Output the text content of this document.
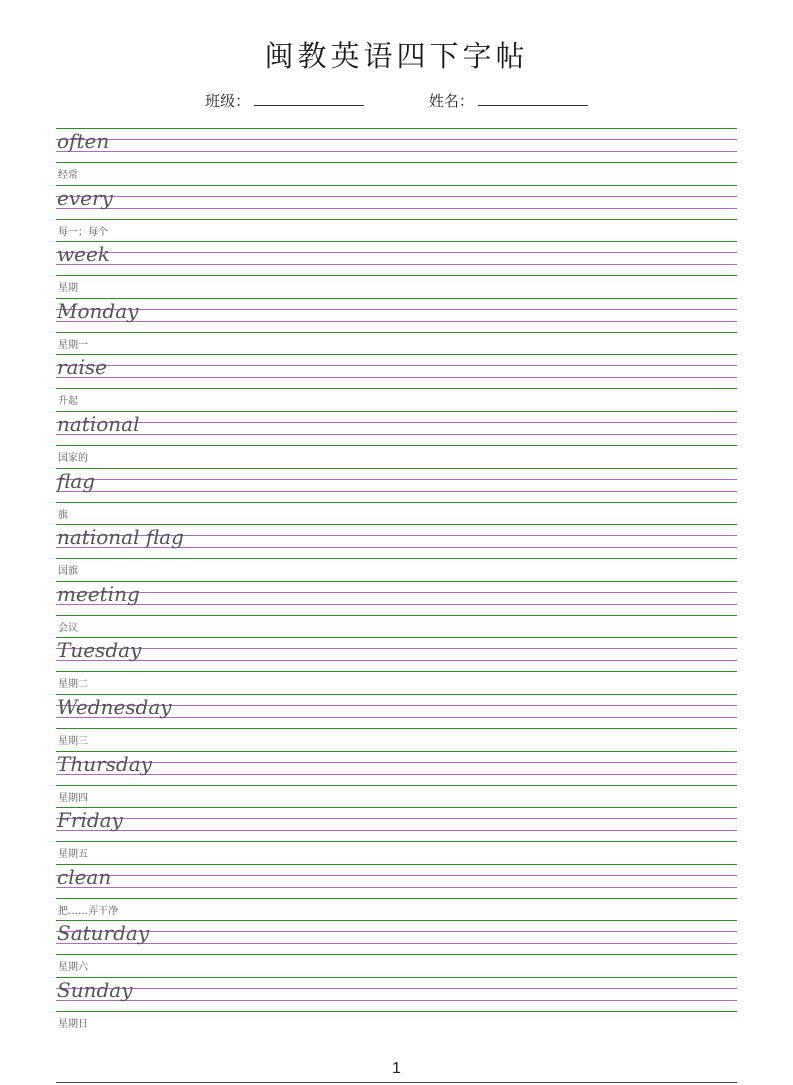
闽教英语四下字帖
班级：	姓名：
often
经常
every
每一；每个
week
星期
Monday
星期一
raise
升起
national
国家的
flag
旗
national flag
国旗
meeting
会议
Tuesday
星期二
Wednesday
星期三
Thursday
星期四
Friday
星期五
clean
把……弄干净
Saturday
星期六
Sunday
星期日
1
